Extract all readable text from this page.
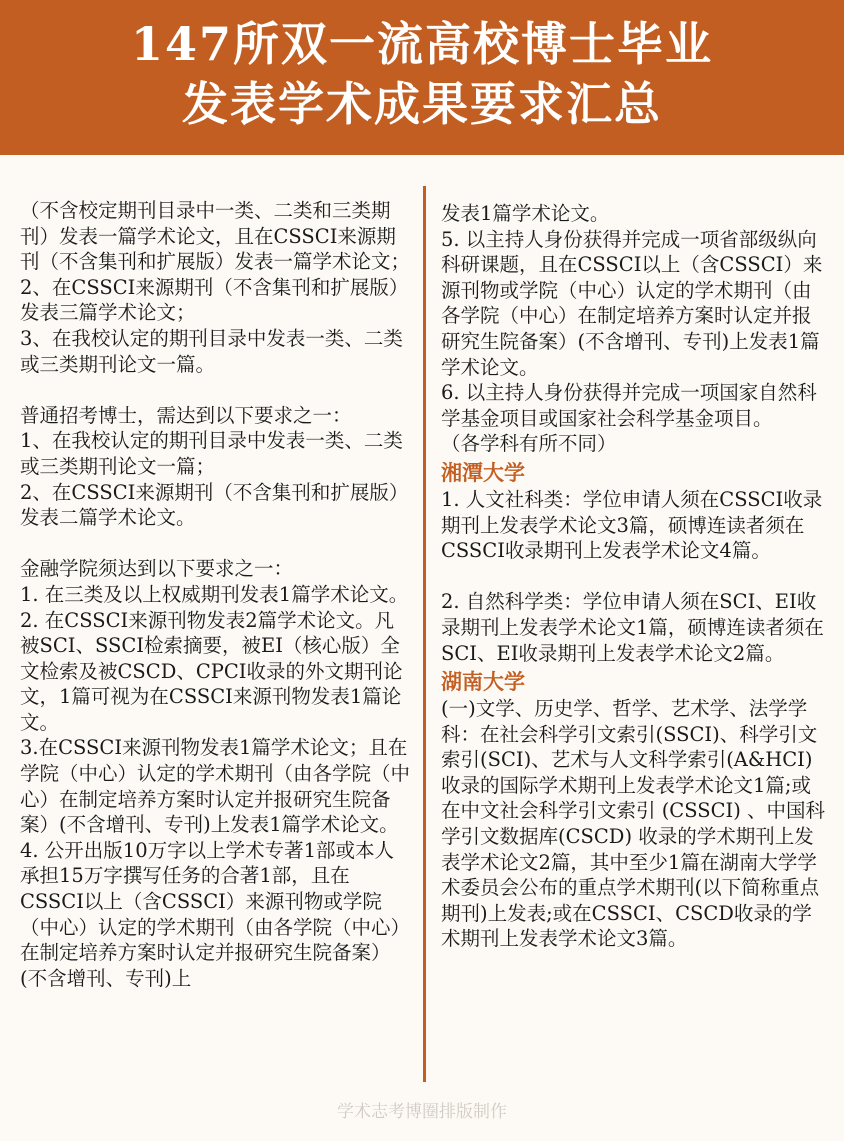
147所双一流高校博士毕业
发表学术成果要求汇总

（不含校定期刊目录中一类、二类和三类期刊）发表一篇学术论文，且在CSSCI来源期刊（不含集刊和扩展版）发表一篇学术论文；

2、在CSSCI来源期刊（不含集刊和扩展版）发表三篇学术论文；

3、在我校认定的期刊目录中发表一类、二类或三类期刊论文一篇。

普通招考博士，需达到以下要求之一：

1、在我校认定的期刊目录中发表一类、二类或三类期刊论文一篇；

2、在CSSCI来源期刊（不含集刊和扩展版）发表二篇学术论文。

金融学院须达到以下要求之一：

1. 在三类及以上权威期刊发表1篇学术论文。

2. 在CSSCI来源刊物发表2篇学术论文。凡被SCI、SSCI检索摘要，被EI（核心版）全文检索及被CSCD、CPCI收录的外文期刊论文，1篇可视为在CSSCI来源刊物发表1篇论文。

3.在CSSCI来源刊物发表1篇学术论文；且在学院（中心）认定的学术期刊（由各学院（中心）在制定培养方案时认定并报研究生院备案）(不含增刊、专刊)上发表1篇学术论文。

4. 公开出版10万字以上学术专著1部或本人承担15万字撰写任务的合著1部，且在CSSCI以上（含CSSCI）来源刊物或学院（中心）认定的学术期刊（由各学院（中心）在制定培养方案时认定并报研究生院备案）(不含增刊、专刊)上

发表1篇学术论文。

5. 以主持人身份获得并完成一项省部级纵向科研课题，且在CSSCI以上（含CSSCI）来源刊物或学院（中心）认定的学术期刊（由各学院（中心）在制定培养方案时认定并报研究生院备案）(不含增刊、专刊)上发表1篇学术论文。

6. 以主持人身份获得并完成一项国家自然科学基金项目或国家社会科学基金项目。

（各学科有所不同）

湘潭大学

1. 人文社科类：学位申请人须在CSSCI收录期刊上发表学术论文3篇，硕博连读者须在CSSCI收录期刊上发表学术论文4篇。

2. 自然科学类：学位申请人须在SCI、EI收录期刊上发表学术论文1篇，硕博连读者须在SCI、EI收录期刊上发表学术论文2篇。

湖南大学

(一)文学、历史学、哲学、艺术学、法学学科：在社会科学引文索引(SSCI)、科学引文索引(SCI)、艺术与人文科学索引(A&HCI)收录的国际学术期刊上发表学术论文1篇;或在中文社会科学引文索引 (CSSCI) 、中国科学引文数据库(CSCD) 收录的学术期刊上发表学术论文2篇，其中至少1篇在湖南大学学术委员会公布的重点学术期刊(以下简称重点期刊)上发表;或在CSSCI、CSCD收录的学术期刊上发表学术论文3篇。

学术志考博圈排版制作
